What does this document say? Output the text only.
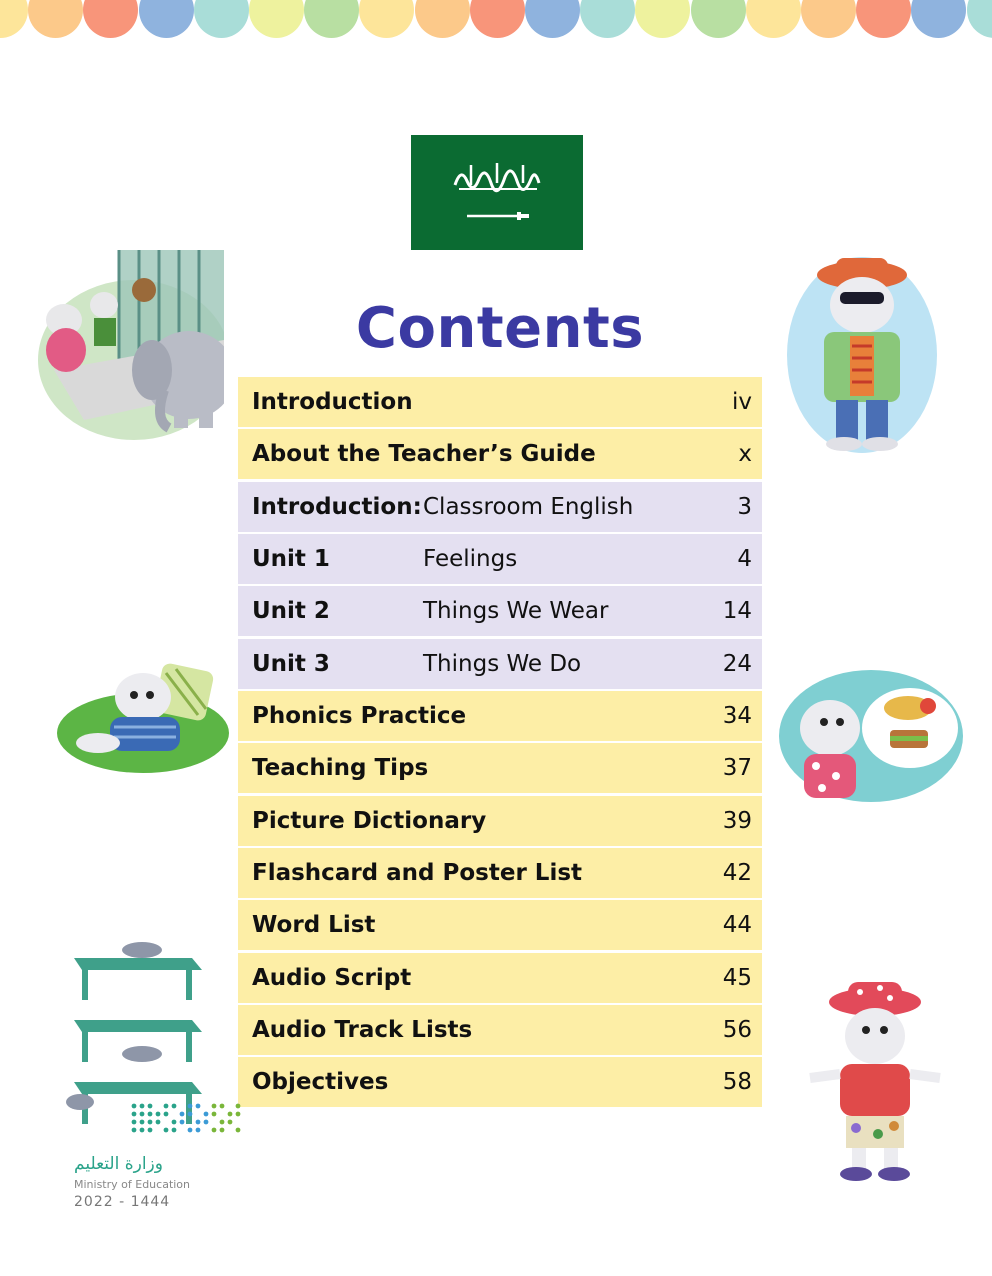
Contents
Introduction	iv
About the Teacher’s Guide	x
Introduction: Classroom English	3
Unit 1	Feelings	4
Unit 2	Things We Wear	14
Unit 3	Things We Do	24
Phonics Practice	34
Teaching Tips	37
Picture Dictionary	39
Flashcard and Poster List	42
Word List	44
Audio Script	45
Audio Track Lists	56
Objectives	58
وزارة التعليم
Ministry of Education
2022 - 1444
